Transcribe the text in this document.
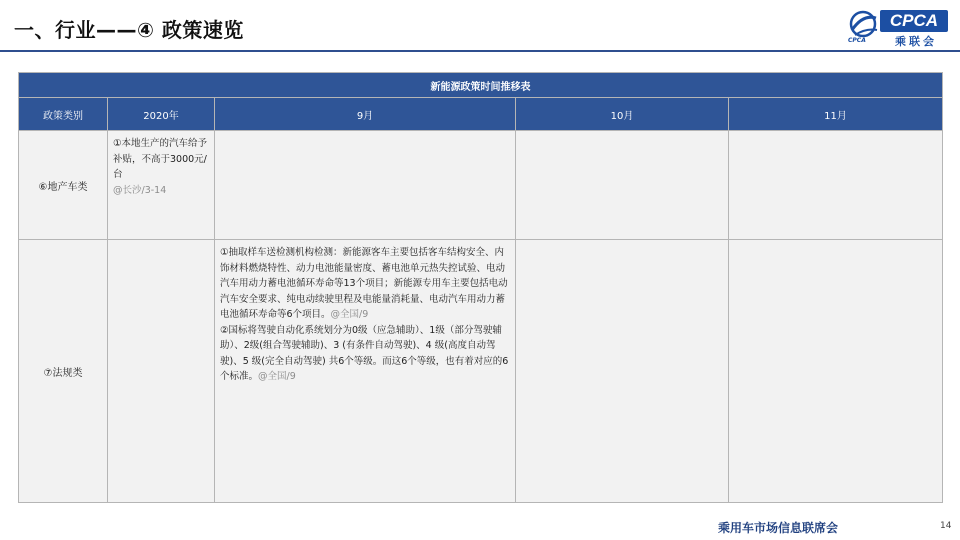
一、行业——④ 政策速览	CPCA
乘联会
CPCA
新能源政策时间推移表				
政策类别	2020年	9月	10月	11月
⑥地产车类	①本地生产的汽车给予补贴，不高于3000元/台
@长沙/3-14			

⑦法规类		①抽取样车送检测机构检测：新能源客车主要包括客车结构安全、内饰材料燃烧特性、动力电池能量密度、蓄电池单元热失控试验、电动汽车用动力蓄电池循环寿命等13个项目；新能源专用车主要包括电动汽车安全要求、纯电动续驶里程及电能量消耗量、电动汽车用动力蓄电池循环寿命等6个项目。@全国/9

②国标将驾驶自动化系统划分为0级（应急辅助）、1级（部分驾驶辅助）、2级(组合驾驶辅助)、3 (有条件自动驾驶)、4 级(高度自动驾驶)、5 级(完全自动驾驶) 共6个等级。而这6个等级，也有着对应的6个标准。@全国/9		

乘用车市场信息联席会	14
